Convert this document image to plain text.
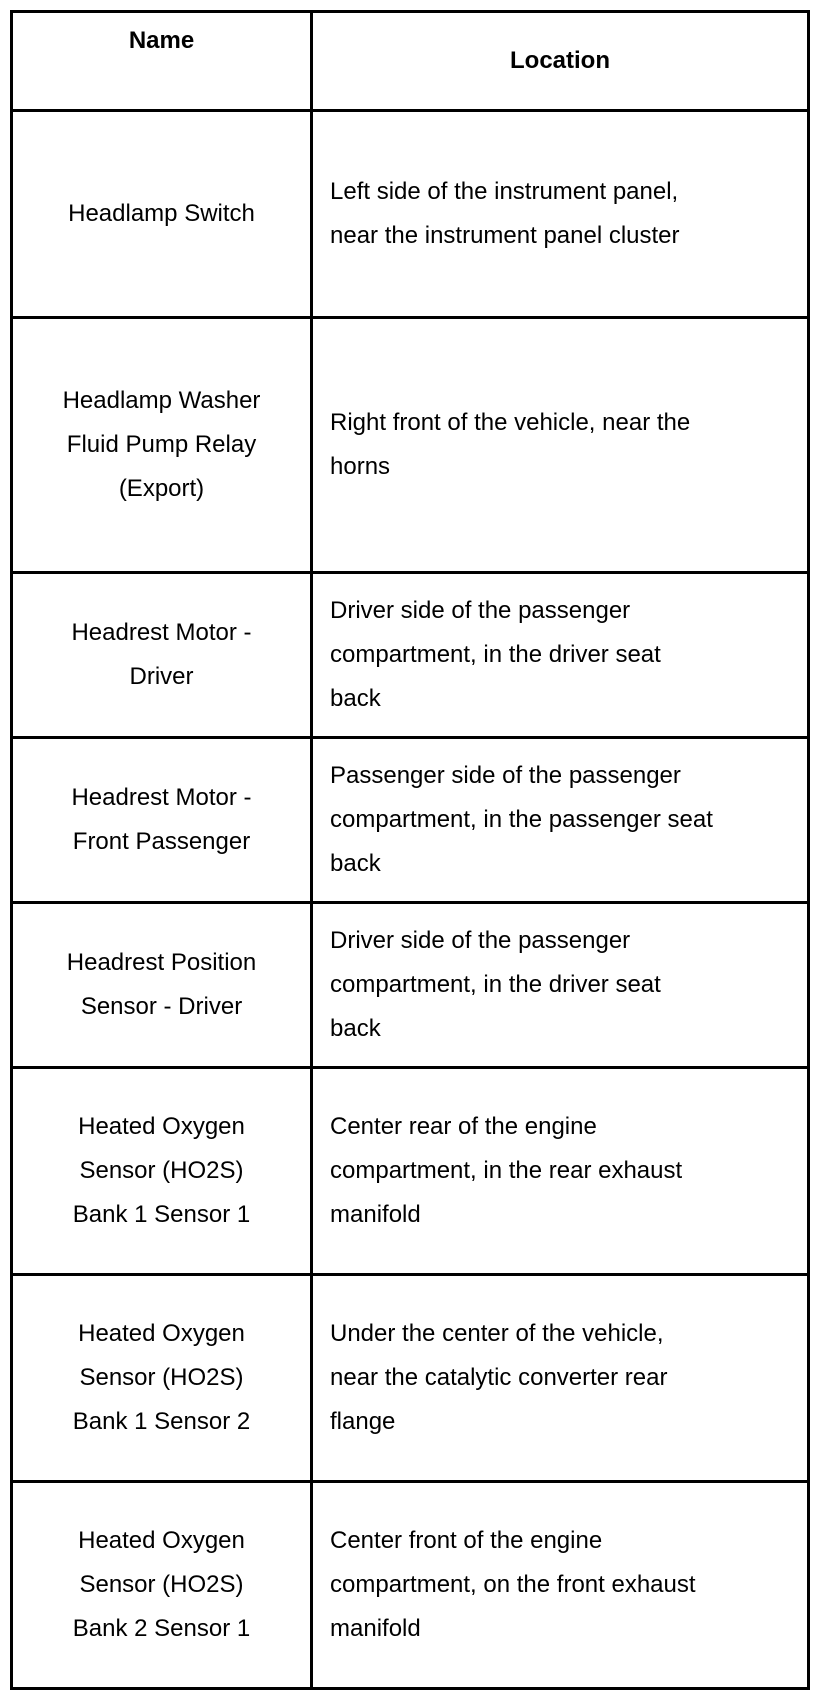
Name	Location

Headlamp Switch	Left side of the instrument panel,
near the instrument panel cluster

Headlamp Washer
Fluid Pump Relay
(Export)	Right front of the vehicle, near the
horns

Headrest Motor -
Driver	Driver side of the passenger
compartment, in the driver seat
back

Headrest Motor -
Front Passenger	Passenger side of the passenger
compartment, in the passenger seat
back

Headrest Position
Sensor - Driver	Driver side of the passenger
compartment, in the driver seat
back

Heated Oxygen
Sensor (HO2S)
Bank 1 Sensor 1	Center rear of the engine
compartment, in the rear exhaust
manifold

Heated Oxygen
Sensor (HO2S)
Bank 1 Sensor 2	Under the center of the vehicle,
near the catalytic converter rear
flange

Heated Oxygen
Sensor (HO2S)
Bank 2 Sensor 1	Center front of the engine
compartment, on the front exhaust
manifold
